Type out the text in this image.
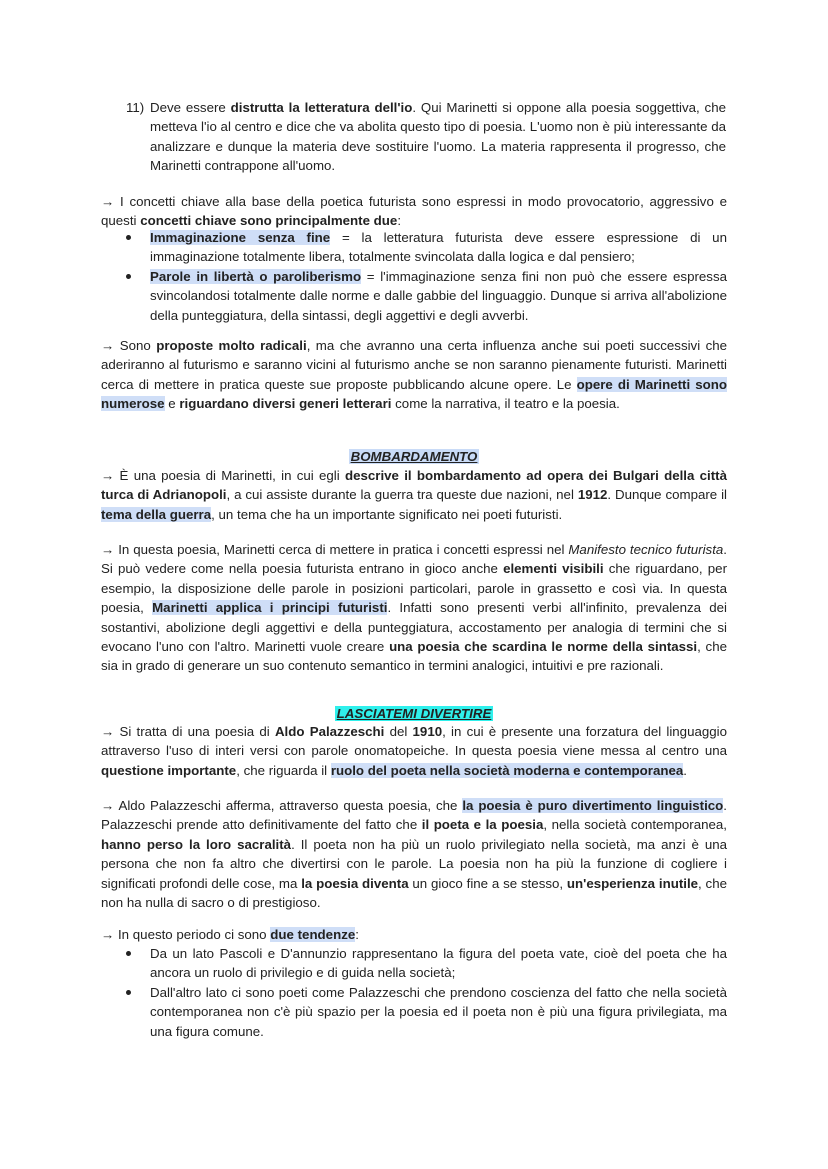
11) Deve essere distrutta la letteratura dell'io. Qui Marinetti si oppone alla poesia soggettiva, che metteva l'io al centro e dice che va abolita questo tipo di poesia. L'uomo non è più interessante da analizzare e dunque la materia deve sostituire l'uomo. La materia rappresenta il progresso, che Marinetti contrappone all'uomo.

→ I concetti chiave alla base della poetica futurista sono espressi in modo provocatorio, aggressivo e questi concetti chiave sono principalmente due:

Immaginazione senza fine = la letteratura futurista deve essere espressione di un immaginazione totalmente libera, totalmente svincolata dalla logica e dal pensiero;
Parole in libertà o paroliberismo = l'immaginazione senza fini non può che essere espressa svincolandosi totalmente dalle norme e dalle gabbie del linguaggio. Dunque si arriva all'abolizione della punteggiatura, della sintassi, degli aggettivi e degli avverbi.

→ Sono proposte molto radicali, ma che avranno una certa influenza anche sui poeti successivi che aderiranno al futurismo e saranno vicini al futurismo anche se non saranno pienamente futuristi. Marinetti cerca di mettere in pratica queste sue proposte pubblicando alcune opere. Le opere di Marinetti sono numerose e riguardano diversi generi letterari come la narrativa, il teatro e la poesia.

BOMBARDAMENTO

→ È una poesia di Marinetti, in cui egli descrive il bombardamento ad opera dei Bulgari della città turca di Adrianopoli, a cui assiste durante la guerra tra queste due nazioni, nel 1912. Dunque compare il tema della guerra, un tema che ha un importante significato nei poeti futuristi.

→ In questa poesia, Marinetti cerca di mettere in pratica i concetti espressi nel Manifesto tecnico futurista. Si può vedere come nella poesia futurista entrano in gioco anche elementi visibili che riguardano, per esempio, la disposizione delle parole in posizioni particolari, parole in grassetto e così via. In questa poesia, Marinetti applica i principi futuristi. Infatti sono presenti verbi all'infinito, prevalenza dei sostantivi, abolizione degli aggettivi e della punteggiatura, accostamento per analogia di termini che si evocano l'uno con l'altro. Marinetti vuole creare una poesia che scardina le norme della sintassi, che sia in grado di generare un suo contenuto semantico in termini analogici, intuitivi e pre razionali.

LASCIATEMI DIVERTIRE

→ Si tratta di una poesia di Aldo Palazzeschi del 1910, in cui è presente una forzatura del linguaggio attraverso l'uso di interi versi con parole onomatopeiche. In questa poesia viene messa al centro una questione importante, che riguarda il ruolo del poeta nella società moderna e contemporanea.

→ Aldo Palazzeschi afferma, attraverso questa poesia, che la poesia è puro divertimento linguistico. Palazzeschi prende atto definitivamente del fatto che il poeta e la poesia, nella società contemporanea, hanno perso la loro sacralità. Il poeta non ha più un ruolo privilegiato nella società, ma anzi è una persona che non fa altro che divertirsi con le parole. La poesia non ha più la funzione di cogliere i significati profondi delle cose, ma la poesia diventa un gioco fine a se stesso, un'esperienza inutile, che non ha nulla di sacro o di prestigioso.

→ In questo periodo ci sono due tendenze:

Da un lato Pascoli e D'annunzio rappresentano la figura del poeta vate, cioè del poeta che ha ancora un ruolo di privilegio e di guida nella società;
Dall'altro lato ci sono poeti come Palazzeschi che prendono coscienza del fatto che nella società contemporanea non c'è più spazio per la poesia ed il poeta non è più una figura privilegiata, ma una figura comune.
